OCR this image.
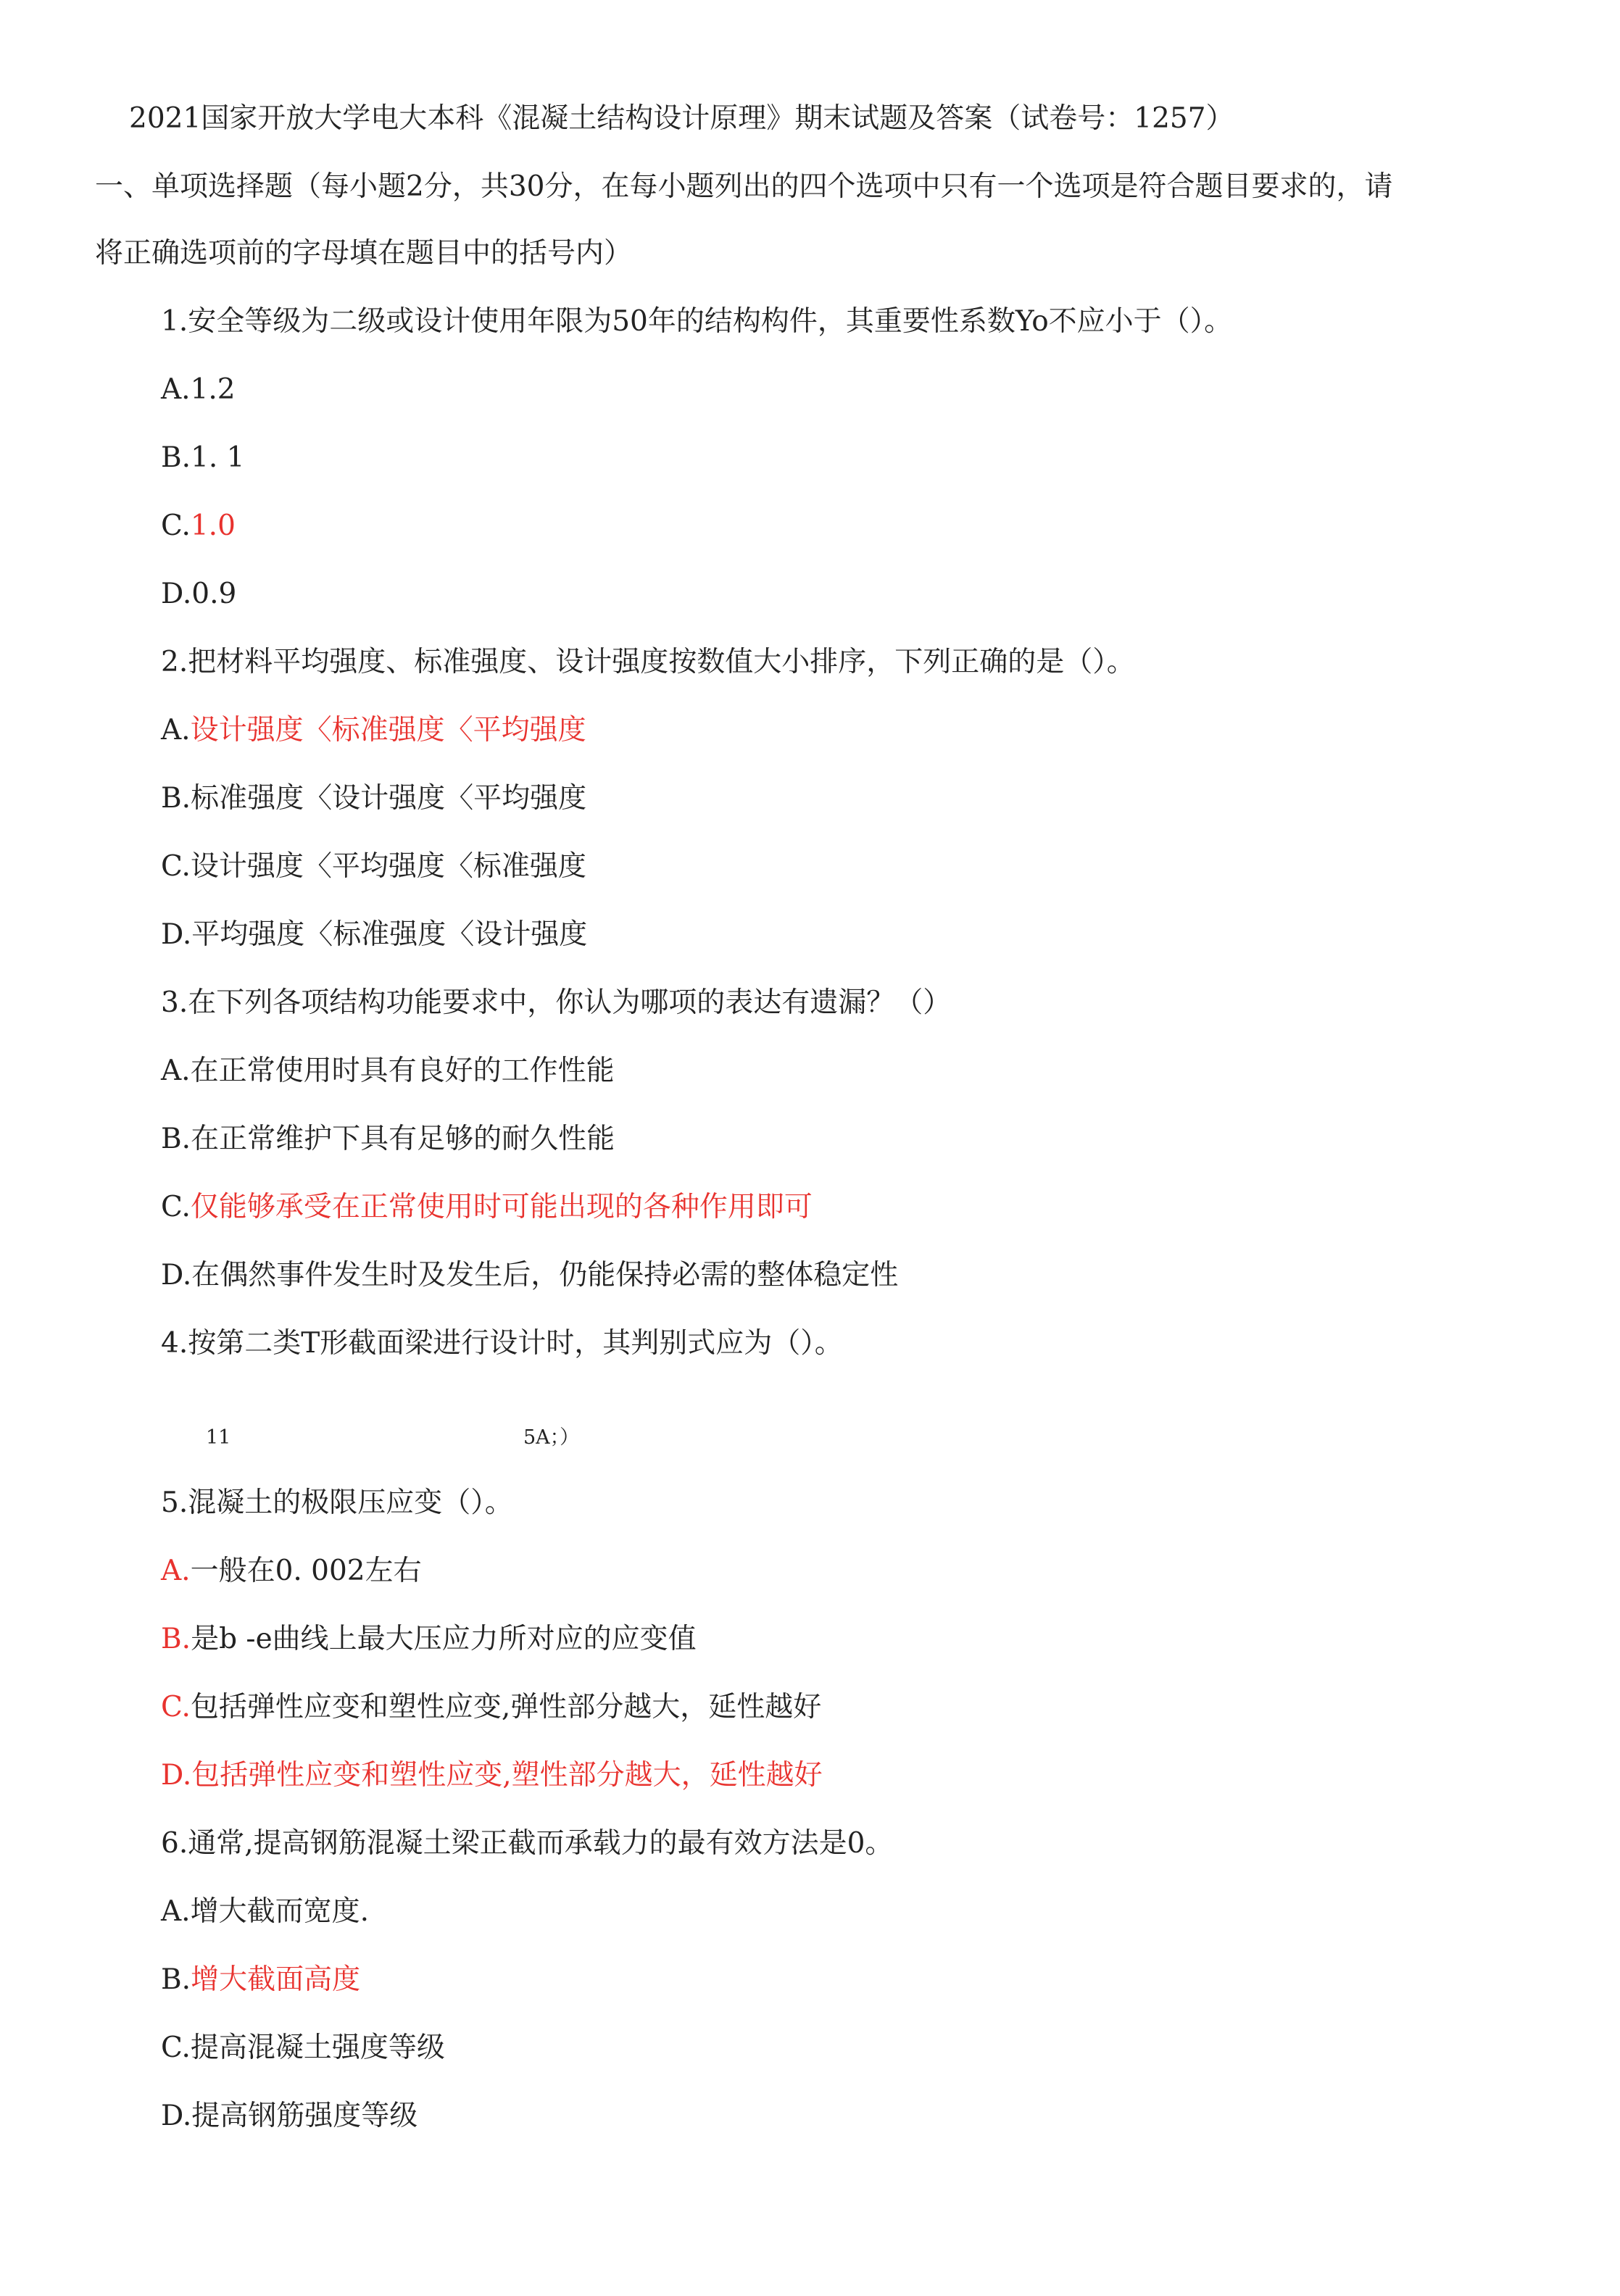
2021国家开放大学电大本科《混凝土结构设计原理》期末试题及答案（试卷号：1257）
一、单项选择题（每小题2分，共30分，在每小题列出的四个选项中只有一个选项是符合题目要求的，请
将正确选项前的字母填在题目中的括号内）
1.安全等级为二级或设计使用年限为50年的结构构件，其重要性系数Yo不应小于（）。
A.1.2
B.1. 1
C.1.0
D.0.9
2.把材料平均强度、标准强度、设计强度按数值大小排序，下列正确的是（）。
A.设计强度〈标准强度〈平均强度
B.标准强度〈设计强度〈平均强度
C.设计强度〈平均强度〈标准强度
D.平均强度〈标准强度〈设计强度
3.在下列各项结构功能要求中，你认为哪项的表达有遗漏？（）
A.在正常使用时具有良好的工作性能
B.在正常维护下具有足够的耐久性能
C.仅能够承受在正常使用时可能出现的各种作用即可
D.在偶然事件发生时及发生后，仍能保持必需的整体稳定性
4.按第二类T形截面梁进行设计时，其判别式应为（）。
11	5A；）
5.混凝土的极限压应变（）。
A.一般在0. 002左右
B.是b -e曲线上最大压应力所对应的应变值
C.包括弹性应变和塑性应变,弹性部分越大，延性越好
D.包括弹性应变和塑性应变,塑性部分越大，延性越好
6.通常,提高钢筋混凝土梁正截而承载力的最有效方法是0。
A.增大截而宽度.
B.增大截面高度
C.提高混凝土强度等级
D.提高钢筋强度等级
